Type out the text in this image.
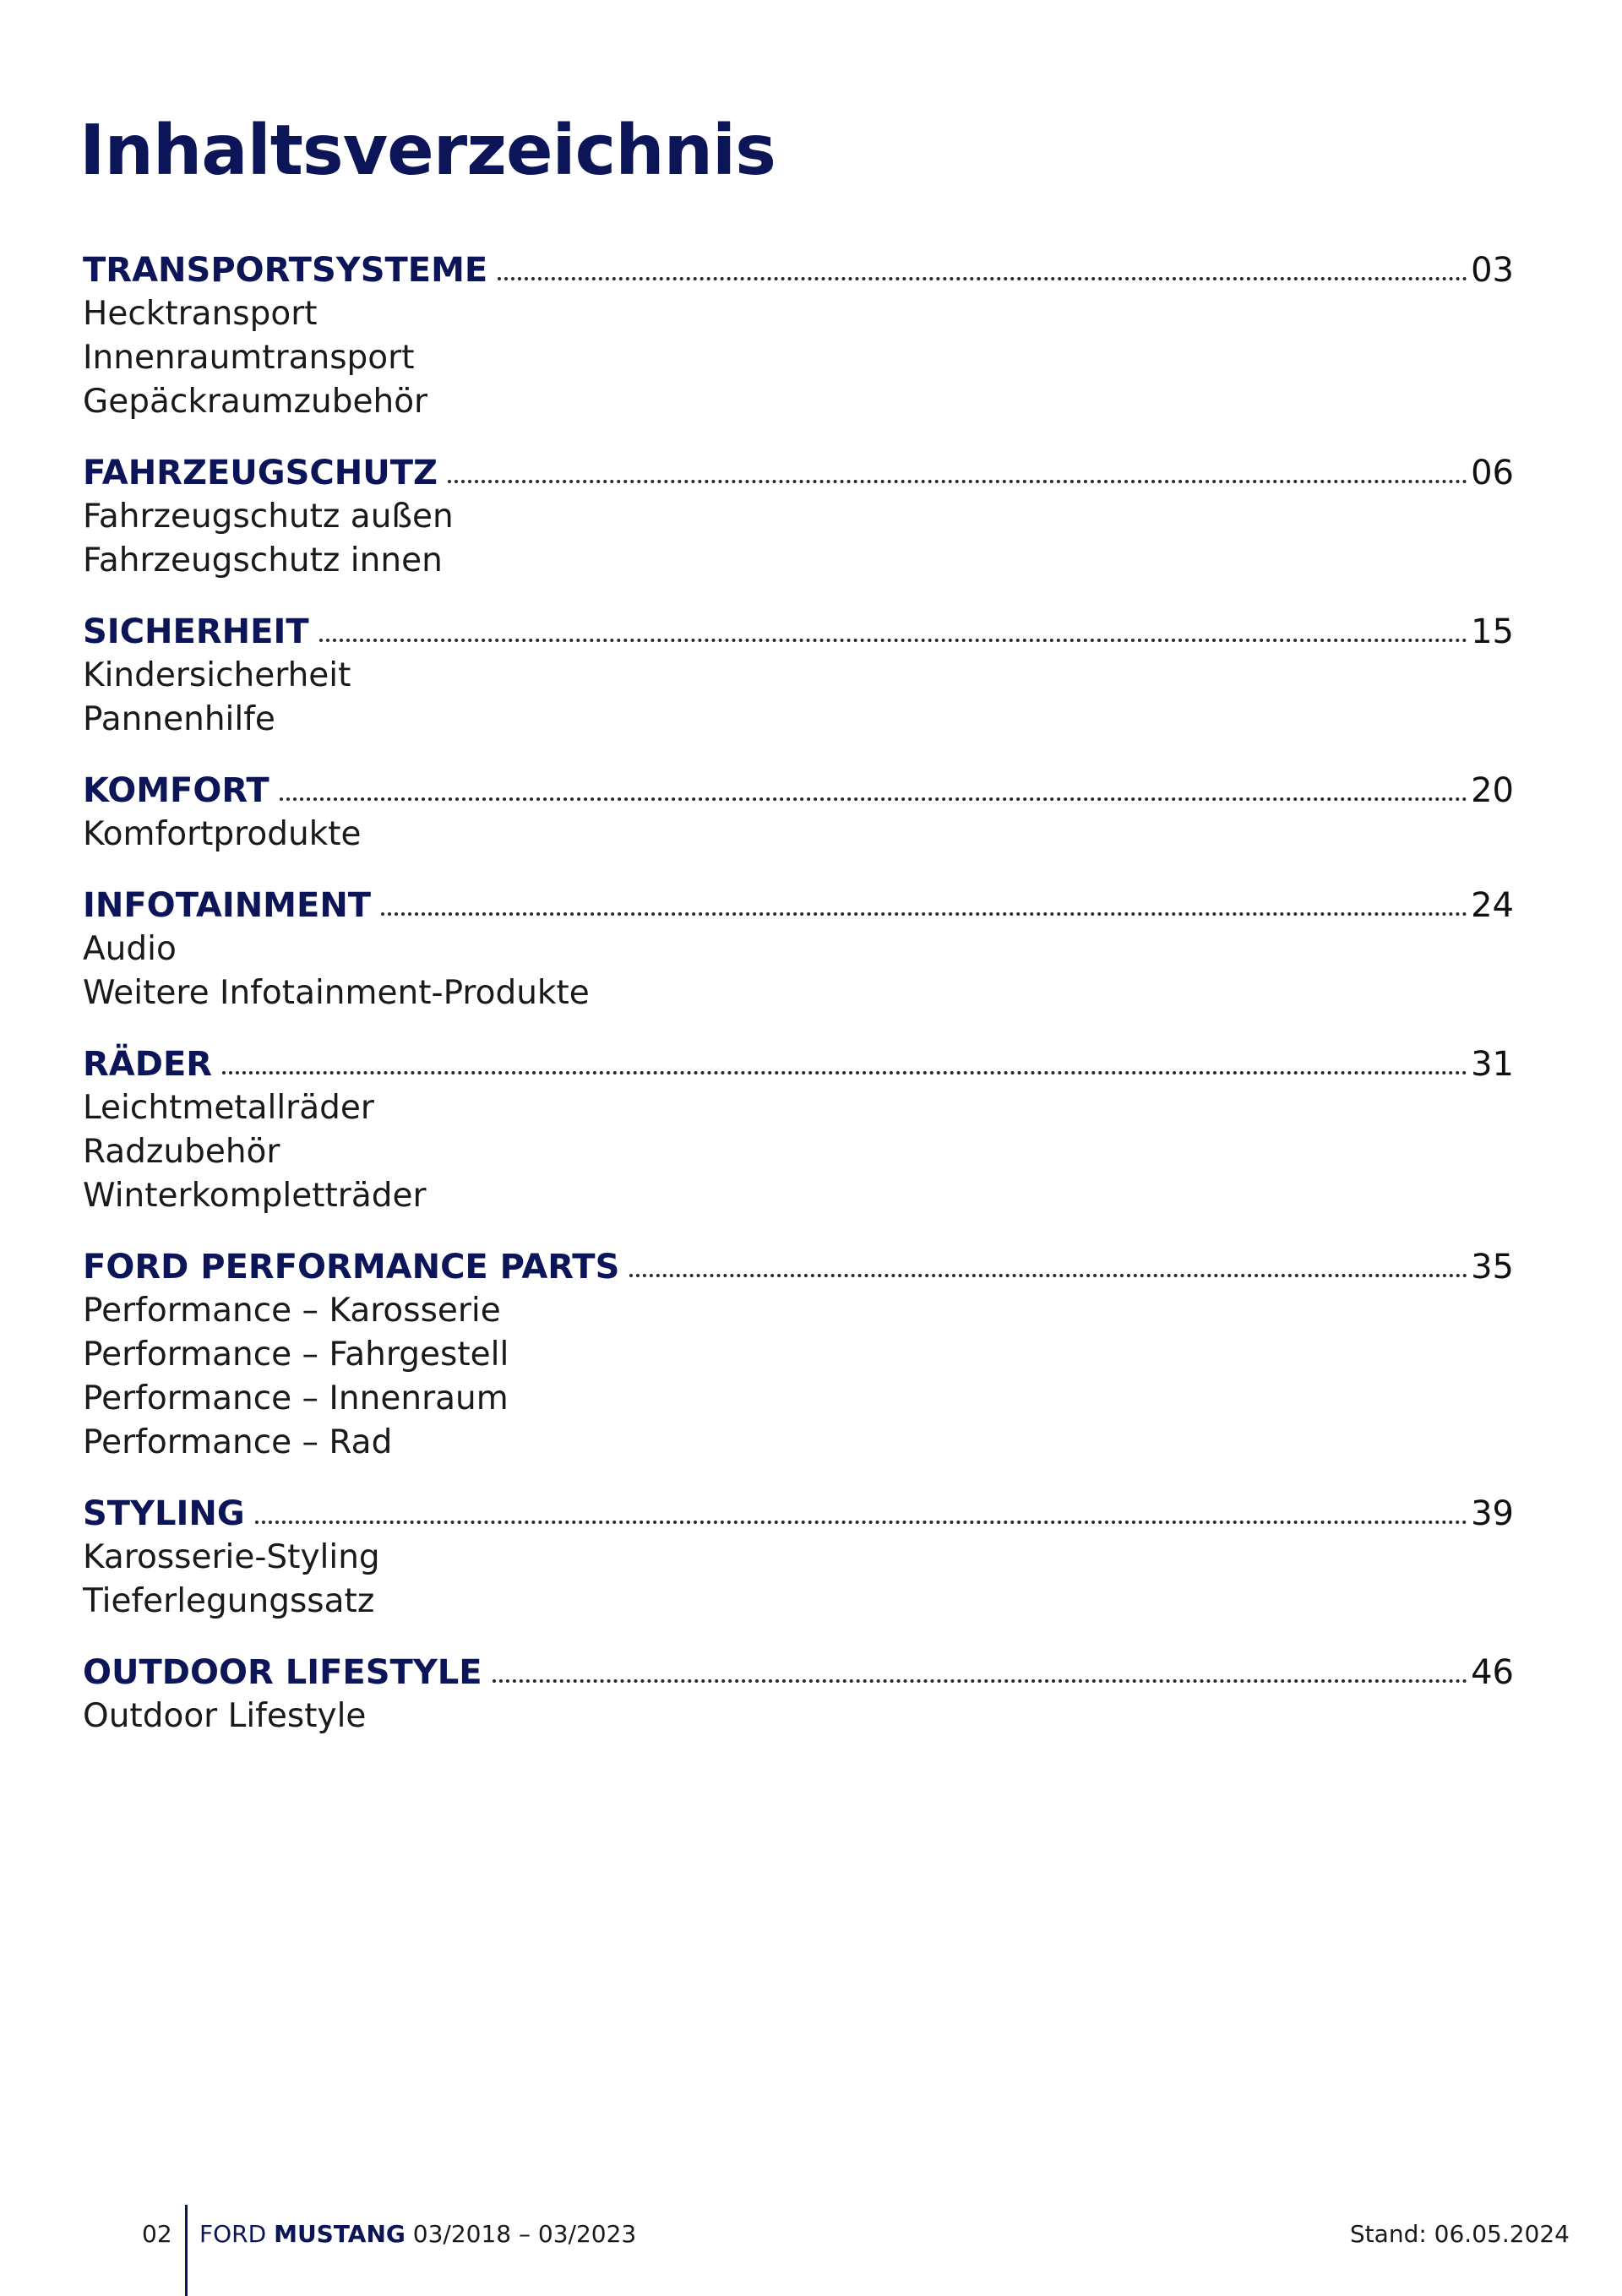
Inhaltsverzeichnis
TRANSPORTSYSTEME	03
Hecktransport
Innenraumtransport
Gepäckraumzubehör
FAHRZEUGSCHUTZ	06
Fahrzeugschutz außen
Fahrzeugschutz innen
SICHERHEIT	15
Kindersicherheit
Pannenhilfe
KOMFORT	20
Komfortprodukte
INFOTAINMENT	24
Audio
Weitere Infotainment-Produkte
RÄDER	31
Leichtmetallräder
Radzubehör
Winterkompletträder
FORD PERFORMANCE PARTS	35
Performance – Karosserie
Performance – Fahrgestell
Performance – Innenraum
Performance – Rad
STYLING	39
Karosserie-Styling
Tieferlegungssatz
OUTDOOR LIFESTYLE	46
Outdoor Lifestyle
02 FORD MUSTANG 03/2018 – 03/2023	Stand: 06.05.2024
